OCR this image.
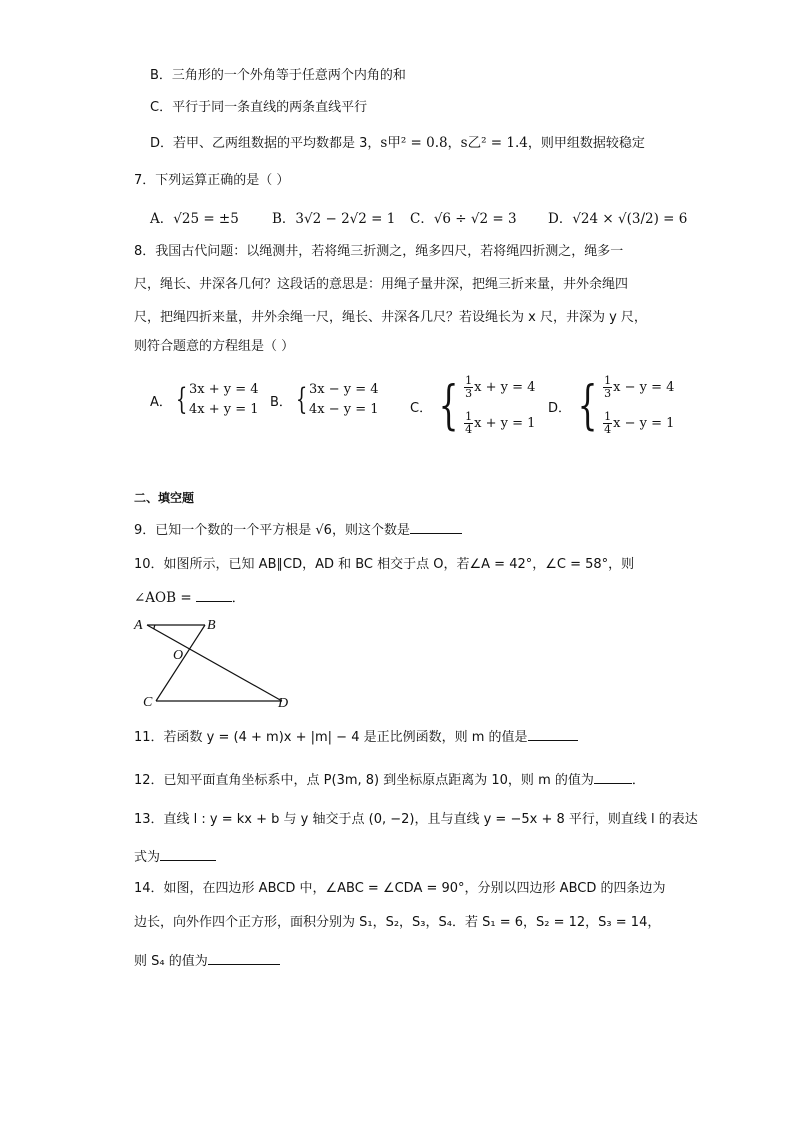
B．三角形的一个外角等于任意两个内角的和
C．平行于同一条直线的两条直线平行
D．若甲、乙两组数据的平均数都是 3，s甲² = 0.8，s乙² = 1.4，则甲组数据较稳定
7．下列运算正确的是（ ）
A．√25 = ±5 B．3√2 − 2√2 = 1 C．√6 ÷ √2 = 3 D．√24 × √(3/2) = 6
8．我国古代问题：以绳测井，若将绳三折测之，绳多四尺，若将绳四折测之，绳多一
尺，绳长、井深各几何？这段话的意思是：用绳子量井深，把绳三折来量，井外余绳四
尺，把绳四折来量，井外余绳一尺，绳长、井深各几尺？若设绳长为 x 尺，井深为 y 尺，
则符合题意的方程组是（ ）
A． { 3x + y = 4
4x + y = 1 B． { 3x − y = 4
4x − y = 1 C． { $\frac{1}{3}$ x + y = 4
$\frac{1}{4}$ x + y = 1
D． { $\frac{1}{3}$ x − y = 4
$\frac{1}{4}$ x − y = 1
二、填空题
9．已知一个数的一个平方根是 √6，则这个数是
10．如图所示，已知 AB∥CD，AD 和 BC 相交于点 O，若∠A = 42°，∠C = 58°，则
∠AOB =	．
A	B
O
C	D
11．若函数 y = (4 + m)x + |m| − 4 是正比例函数，则 m 的值是
12．已知平面直角坐标系中，点 P(3m, 8) 到坐标原点距离为 10，则 m 的值为	．
13．直线 l : y = kx + b 与 y 轴交于点 (0, −2)，且与直线 y = −5x + 8 平行，则直线 l 的表达
式为
14．如图，在四边形 ABCD 中，∠ABC = ∠CDA = 90°，分别以四边形 ABCD 的四条边为
边长，向外作四个正方形，面积分别为 S₁，S₂，S₃，S₄．若 S₁ = 6，S₂ = 12，S₃ = 14，
则 S₄ 的值为
